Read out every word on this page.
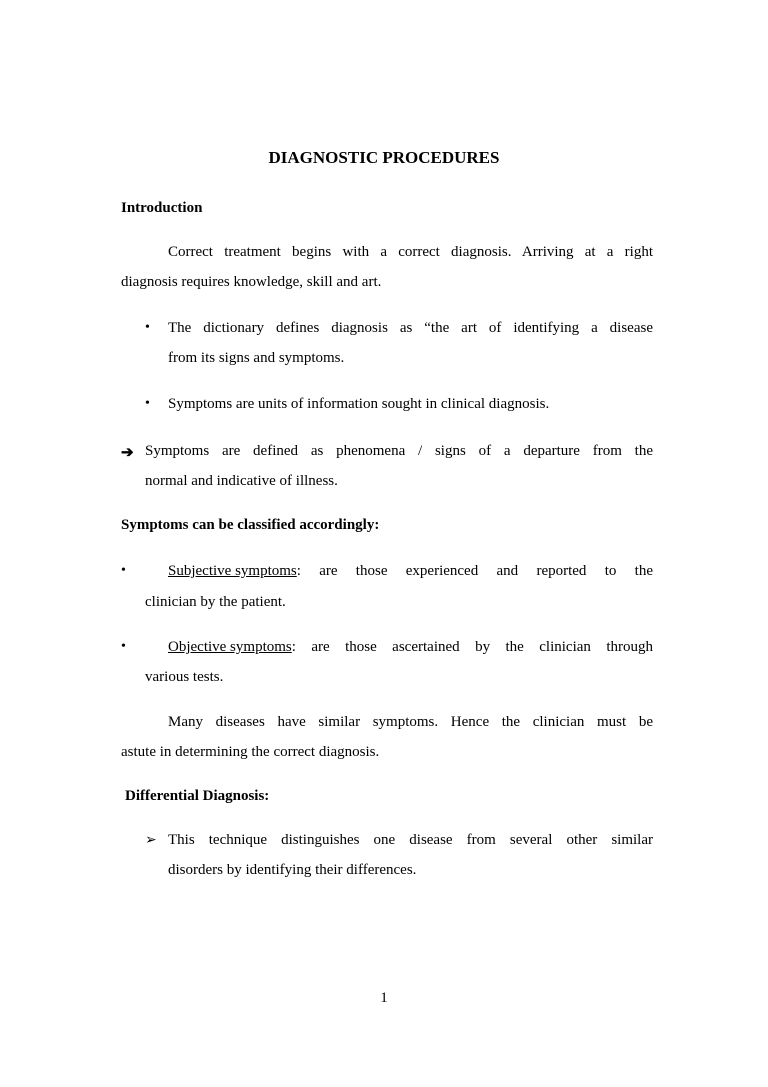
DIAGNOSTIC PROCEDURES
Introduction
Correct treatment begins with a correct diagnosis. Arriving at a right
diagnosis requires knowledge, skill and art.
• The dictionary defines diagnosis as “the art of identifying a disease
from its signs and symptoms.
• Symptoms are units of information sought in clinical diagnosis.
➔ Symptoms are defined as phenomena / signs of a departure from the
normal and indicative of illness.
Symptoms can be classified accordingly:
•	Subjective symptoms : are those experienced and reported to the
clinician by the patient.
•	Objective symptoms : are those ascertained by the clinician through
various tests.
Many diseases have similar symptoms. Hence the clinician must be
astute in determining the correct diagnosis.
Differential Diagnosis:
➢ This technique distinguishes one disease from several other similar
disorders by identifying their differences.
1
